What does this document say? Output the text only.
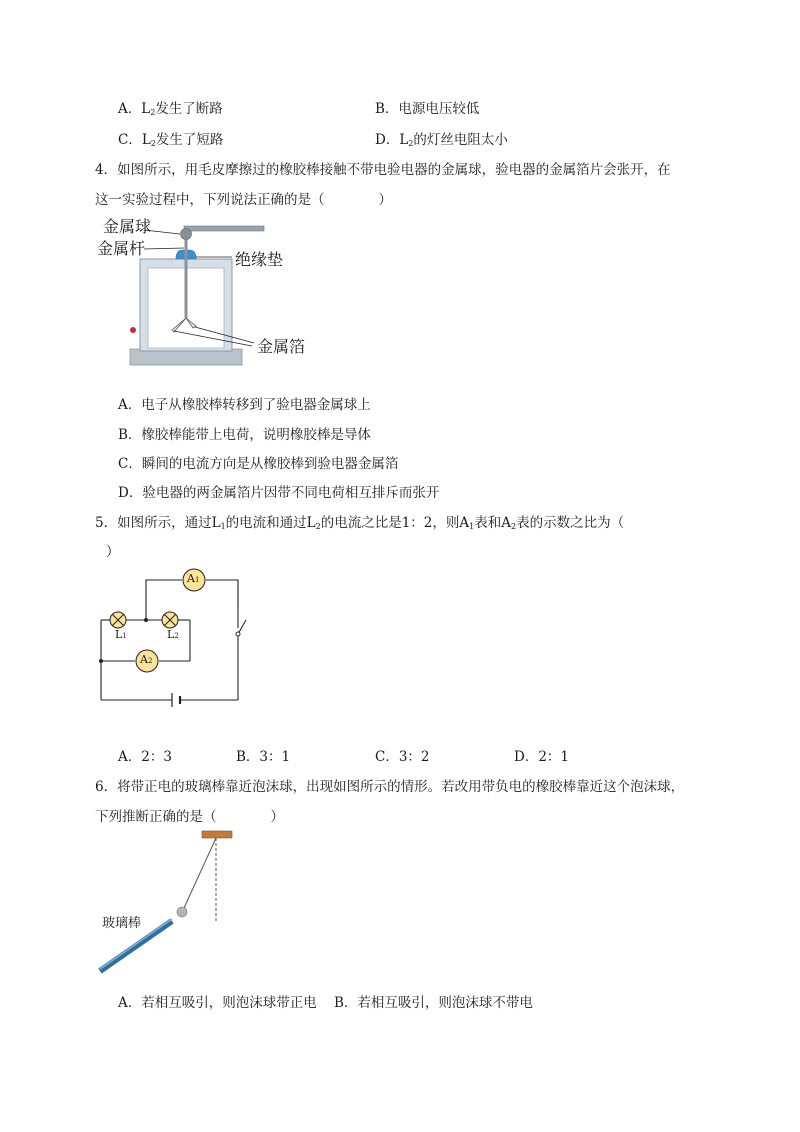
A．$L_2$发生了断路	B．电源电压较低
C．$L_2$发生了短路	D．$L_2$的灯丝电阻太小
4．如图所示，用毛皮摩擦过的橡胶棒接触不带电验电器的金属球，验电器的金属箔片会张开，在
这一实验过程中，下列说法正确的是（　　　　）
金属球
金属杆
绝缘垫
金属箔
A．电子从橡胶棒转移到了验电器金属球上
B．橡胶棒能带上电荷，说明橡胶棒是导体
C．瞬间的电流方向是从橡胶棒到验电器金属箔
D．验电器的两金属箔片因带不同电荷相互排斥而张开
5．如图所示，通过$L_1$的电流和通过$L_2$的电流之比是1：2，则$A_1$表和$A_2$表的示数之比为（
）
A1
A2
L1	L2
A．2：3	B．3：1	C．3：2	D．2：1
6．将带正电的玻璃棒靠近泡沫球，出现如图所示的情形。若改用带负电的橡胶棒靠近这个泡沫球，
下列推断正确的是（　　　　）
玻璃棒
A．若相互吸引，则泡沫球带正电 B．若相互吸引，则泡沫球不带电
